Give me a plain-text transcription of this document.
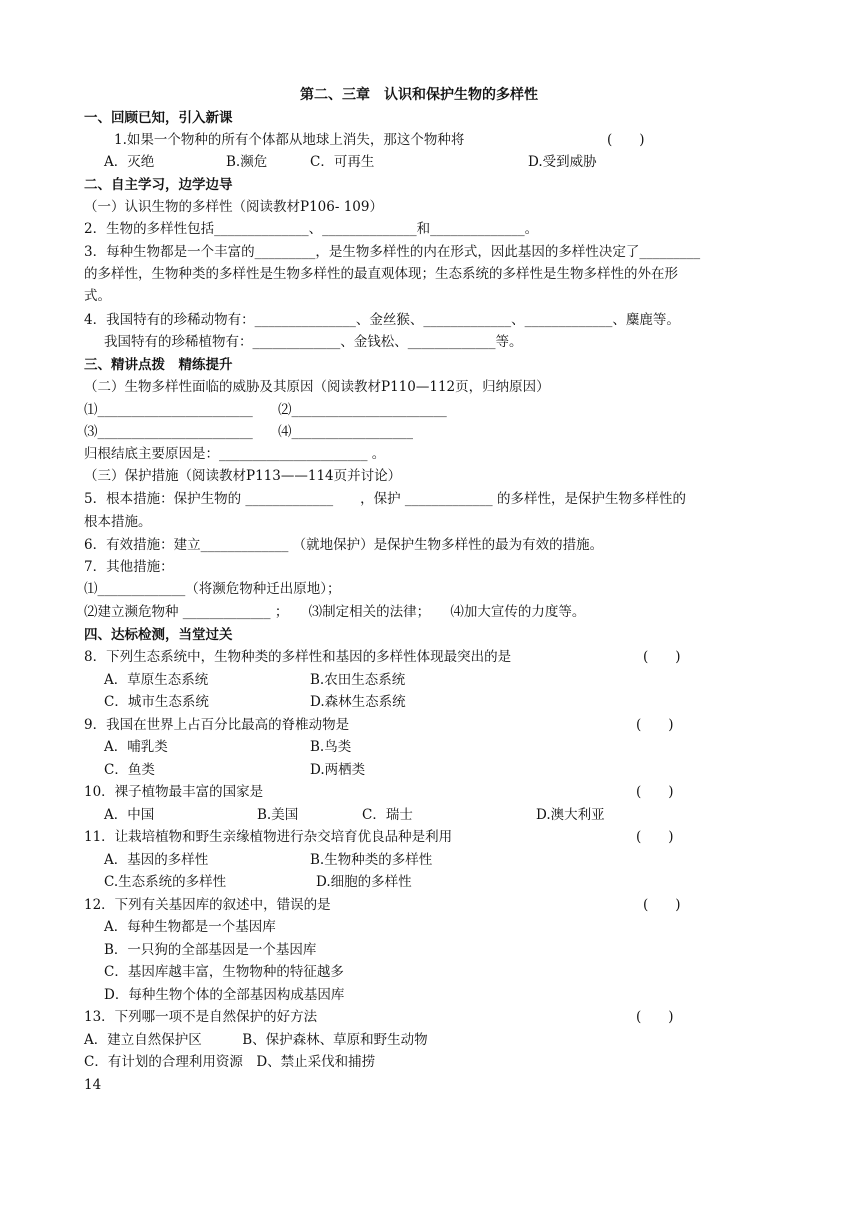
第二、三章　认识和保护生物的多样性
一、回顾已知，引入新课
1.如果一个物种的所有个体都从地球上消失，那这个物种将	(　　)
A．灭绝	B.濒危	C．可再生	D.受到威胁
二、自主学习，边学边导
（一）认识生物的多样性（阅读教材P106- 109）
2．生物的多样性包括______________、______________和______________。
3．每种生物都是一个丰富的_________，是生物多样性的内在形式，因此基因的多样性决定了_________
的多样性，生物种类的多样性是生物多样性的最直观体现；生态系统的多样性是生物多样性的外在形
式。
4．我国特有的珍稀动物有：_______________、金丝猴、_____________、_____________、麋鹿等。
我国特有的珍稀植物有：_____________、金钱松、_____________等。
三、精讲点拨　精练提升
（二）生物多样性面临的威胁及其原因（阅读教材P110—112页，归纳原因）
⑴_______________________ ⑵_______________________
⑶_______________________ ⑷__________________
归根结底主要原因是：______________________ 。
（三）保护措施（阅读教材P113——114页并讨论）
5．根本措施：保护生物的 _____________　　，保护 _____________ 的多样性，是保护生物多样性的
根本措施。
6．有效措施：建立_____________ （就地保护）是保护生物多样性的最为有效的措施。
7．其他措施：
⑴_____________（将濒危物种迁出原地）；
⑵建立濒危物种 _____________ ；　　⑶制定相关的法律；　　⑷加大宣传的力度等。
四、达标检测，当堂过关
8．下列生态系统中，生物种类的多样性和基因的多样性体现最突出的是	(　　)
A．草原生态系统	B.农田生态系统
C．城市生态系统	D.森林生态系统
9．我国在世界上占百分比最高的脊椎动物是	(　　)
A．哺乳类	B.鸟类
C．鱼类	D.两栖类
10．裸子植物最丰富的国家是	(　　)
A．中国	B.美国	C．瑞士	D.澳大利亚
11．让栽培植物和野生亲缘植物进行杂交培育优良品种是利用	(　　)
A．基因的多样性	B.生物种类的多样性
C.生态系统的多样性	D.细胞的多样性
12．下列有关基因库的叙述中，错误的是	(　　)
A．每种生物都是一个基因库
B．一只狗的全部基因是一个基因库
C．基因库越丰富，生物物种的特征越多
D．每种生物个体的全部基因构成基因库
13．下列哪一项不是自然保护的好方法	(　　)
A．建立自然保护区　　　B、保护森林、草原和野生动物
C．有计划的合理利用资源　D、禁止采伐和捕捞
14
